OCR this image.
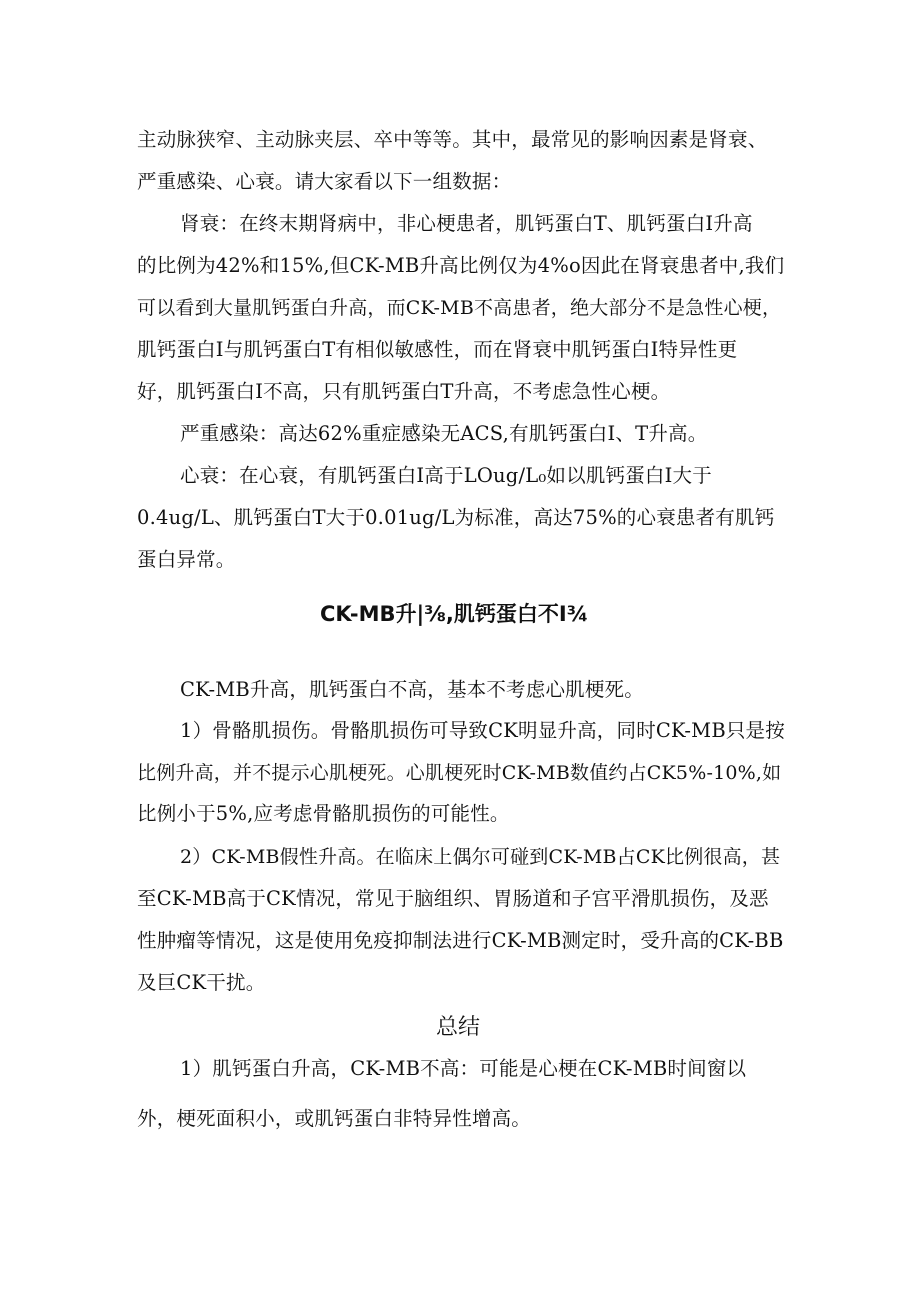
主动脉狭窄、主动脉夹层、卒中等等。其中，最常见的影响因素是肾衰、
严重感染、心衰。请大家看以下一组数据：
肾衰：在终末期肾病中，非心梗患者，肌钙蛋白T、肌钙蛋白I升高
的比例为42%和15%,但CK-MB升高比例仅为4%o因此在肾衰患者中,我们
可以看到大量肌钙蛋白升高，而CK-MB不高患者，绝大部分不是急性心梗，
肌钙蛋白I与肌钙蛋白T有相似敏感性，而在肾衰中肌钙蛋白I特异性更
好，肌钙蛋白I不高，只有肌钙蛋白T升高，不考虑急性心梗。
严重感染：高达62%重症感染无ACS,有肌钙蛋白I、T升高。
心衰：在心衰，有肌钙蛋白I高于LOug/L₀如以肌钙蛋白I大于
0.4ug/L、肌钙蛋白T大于0.01ug/L为标准，高达75%的心衰患者有肌钙
蛋白异常。
CK-MB升|⅜,肌钙蛋白不I¾
CK-MB升高，肌钙蛋白不高，基本不考虑心肌梗死。
1）骨骼肌损伤。骨骼肌损伤可导致CK明显升高，同时CK-MB只是按
比例升高，并不提示心肌梗死。心肌梗死时CK-MB数值约占CK5%-10%,如
比例小于5%,应考虑骨骼肌损伤的可能性。
2）CK-MB假性升高。在临床上偶尔可碰到CK-MB占CK比例很高，甚
至CK-MB高于CK情况，常见于脑组织、胃肠道和子宫平滑肌损伤，及恶
性肿瘤等情况，这是使用免疫抑制法进行CK-MB测定时，受升高的CK-BB
及巨CK干扰。
总结
1）肌钙蛋白升高，CK-MB不高：可能是心梗在CK-MB时间窗以
外，梗死面积小，或肌钙蛋白非特异性增高。
